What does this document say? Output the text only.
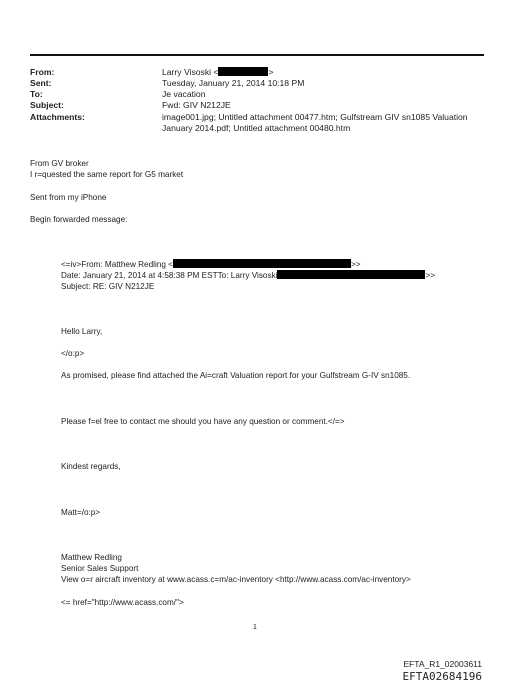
From:	Larry Visoski <	>
Sent:	Tuesday, January 21, 2014 10:18 PM
To:	Je vacation
Subject:	Fwd: GIV N212JE
Attachments:	image001.jpg; Untitled attachment 00477.htm; Gulfstream GIV sn1085 Valuation
January 2014.pdf; Untitled attachment 00480.htm
From GV broker
I r=quested the same report for G5 market
Sent from my iPhone
Begin forwarded message:
<=iv>From: Matthew Redling <	>>
Date: January 21, 2014 at 4:58:38 PM ESTTo: Larry Visoski	>>
Subject: RE: GIV N212JE
Hello Larry,
</o:p>
As promised, please find attached the Ai=craft Valuation report for your Gulfstream G-IV sn1085.
Please f=el free to contact me should you have any question or comment.</=>
Kindest regards,
Matt=/o:p>
Matthew Redling
Senior Sales Support
View o=r aircraft inventory at www.acass.c=m/ac-inventory <http://www.acass.com/ac-inventory>
<= href="http://www.acass.com/">
1
EFTA_R1_02003611
EFTA02684196
